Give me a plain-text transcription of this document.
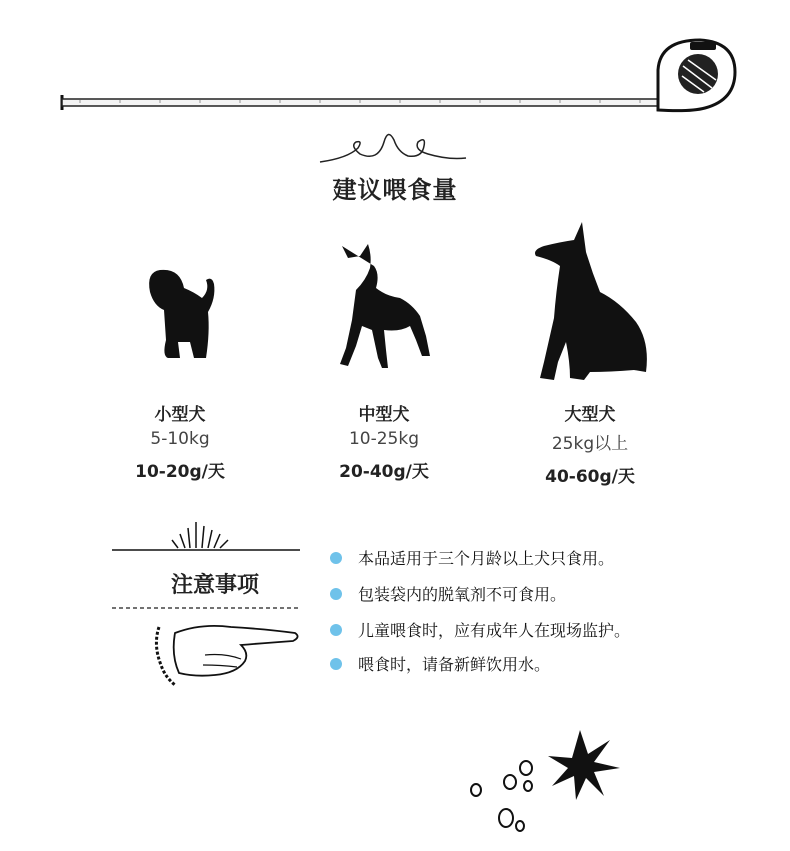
建议喂食量
小型犬
5-10kg
10-20g/天
中型犬
10-25kg
20-40g/天
大型犬
25kg以上
40-60g/天
注意事项
本品适用于三个月龄以上犬只食用。
包装袋内的脱氧剂不可食用。
儿童喂食时，应有成年人在现场监护。
喂食时，请备新鲜饮用水。
